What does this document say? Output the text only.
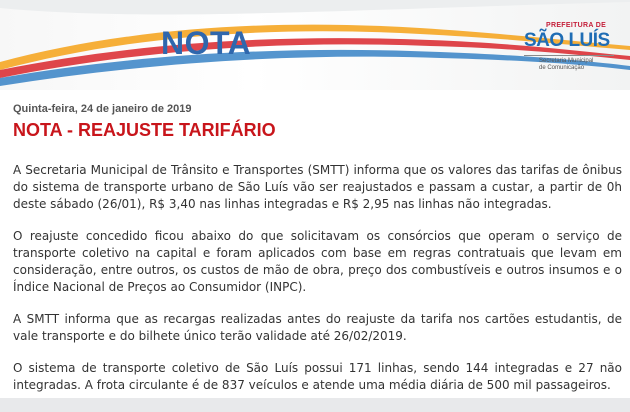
NOTA	PREFEITURA DE
SÃO LUÍS
Secretaria Municipal
de Comunicação
Quinta-feira, 24 de janeiro de 2019
NOTA - REAJUSTE TARIFÁRIO

A Secretaria Municipal de Trânsito e Transportes (SMTT) informa que os valores das tarifas de ônibus do sistema de transporte urbano de São Luís vão ser reajustados e passam a custar, a partir de 0h deste sábado (26/01), R$ 3,40 nas linhas integradas e R$ 2,95 nas linhas não integradas.

O reajuste concedido ficou abaixo do que solicitavam os consórcios que operam o serviço de transporte coletivo na capital e foram aplicados com base em regras contratuais que levam em consideração, entre outros, os custos de mão de obra, preço dos combustíveis e outros insumos e o Índice Nacional de Preços ao Consumidor (INPC).

A SMTT informa que as recargas realizadas antes do reajuste da tarifa nos cartões estudantis, de vale transporte e do bilhete único terão validade até 26/02/2019.

O sistema de transporte coletivo de São Luís possui 171 linhas, sendo 144 integradas e 27 não integradas. A frota circulante é de 837 veículos e atende uma média diária de 500 mil passageiros.
